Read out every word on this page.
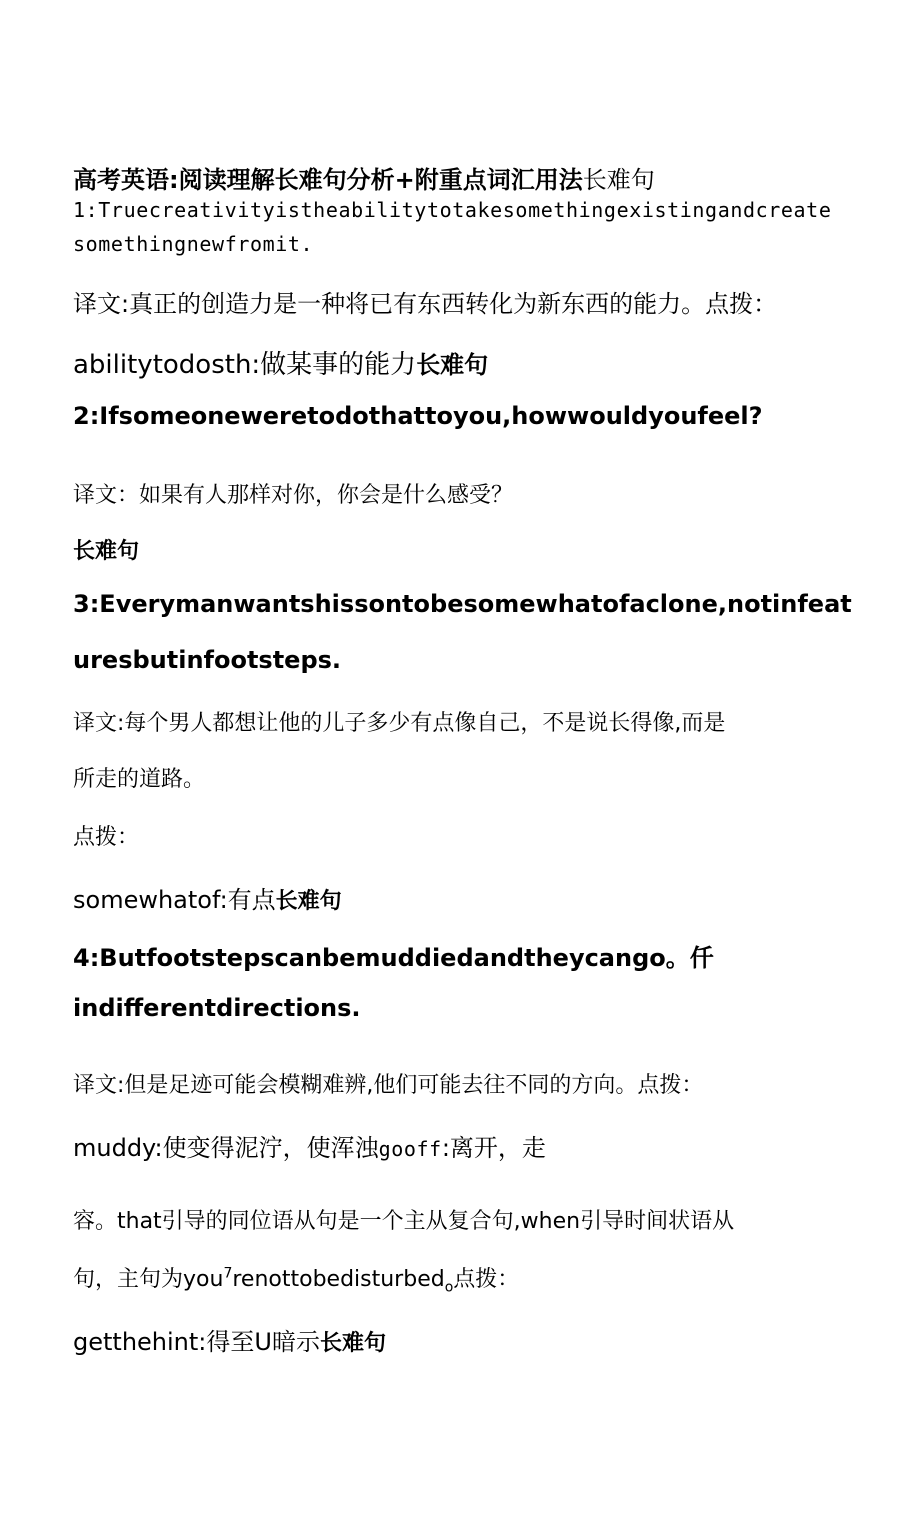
高考英语:阅读理解长难句分析+附重点词汇用法长难句
1:Truecreativityistheabilitytotakesomethingexistingandcreate
somethingnewfromit.
译文:真正的创造力是一种将已有东西转化为新东西的能力。点拨：
abilitytodosth:做某事的能力长难句
2:Ifsomeoneweretodothattoyou,howwouldyoufeel?
译文：如果有人那样对你，你会是什么感受？
长难句
3:Everymanwantshissontobesomewhatofaclone,notinfeat
uresbutinfootsteps.
译文:每个男人都想让他的儿子多少有点像自己，不是说长得像,而是
所走的道路。
点拨：
somewhatof:有点长难句
4:Butfootstepscanbemuddiedandtheycango。仟
indifferentdirections.
译文:但是足迹可能会模糊难辨,他们可能去往不同的方向。点拨：
muddy:使变得泥泞，使浑浊gooff:离开，走
容。that引导的同位语从句是一个主从复合句,when引导时间状语从
句，主句为you$^7$renottobedisturbed$_o$点拨：
getthehint:得至U暗示长难句
